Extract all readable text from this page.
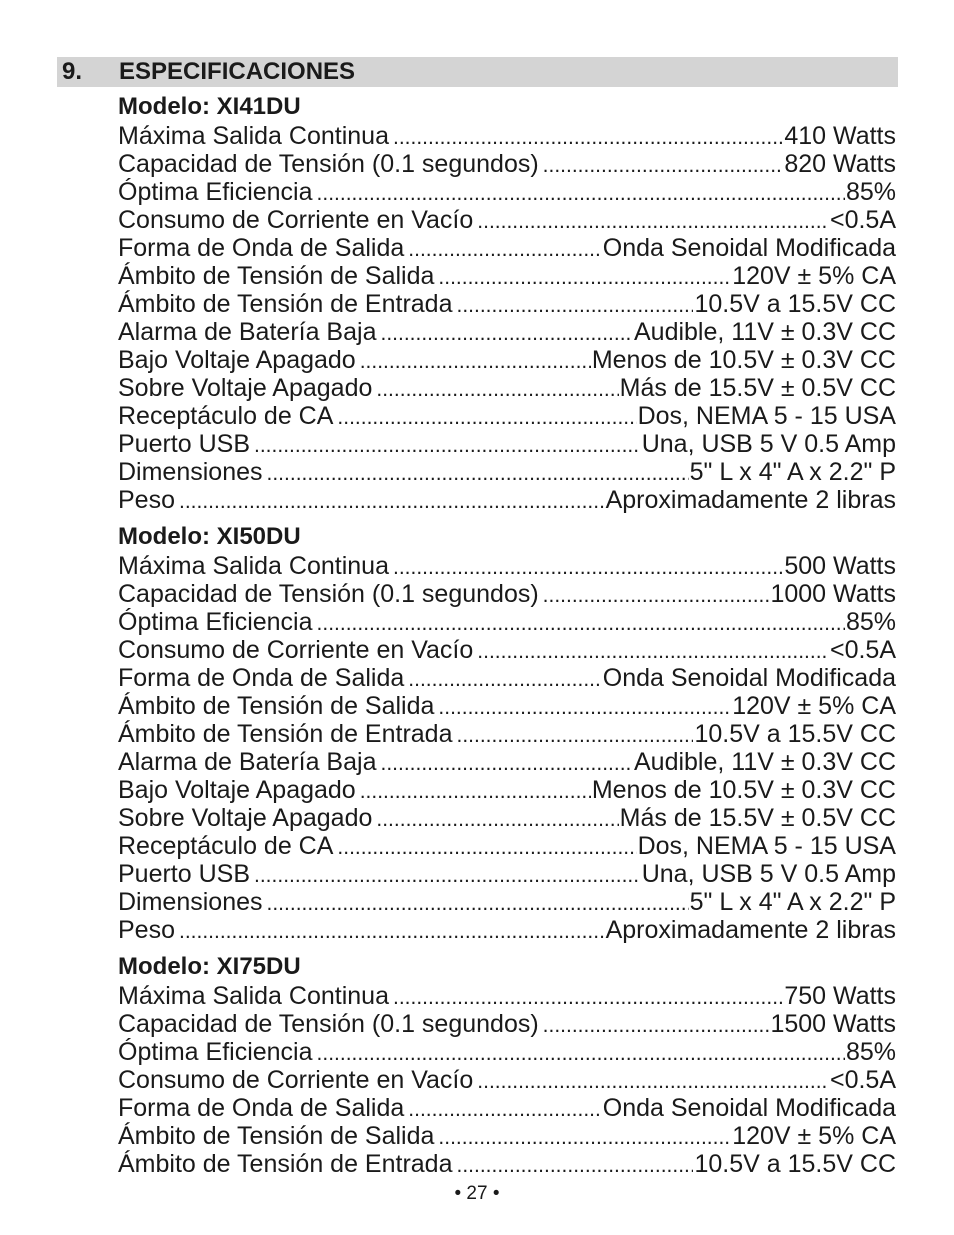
9. ESPECIFICACIONES
Modelo: XI41DU
Máxima Salida Continua .....	410 Watts
Capacidad de Tensión (0.1 segundos) .....	820 Watts
Óptima Eficiencia .....	85%
Consumo de Corriente en Vacío .....	<0.5A
Forma de Onda de Salida .....	Onda Senoidal Modificada
Ámbito de Tensión de Salida .....	120V ± 5% CA
Ámbito de Tensión de Entrada .....	10.5V a 15.5V CC
Alarma de Batería Baja .....	Audible, 11V ± 0.3V CC
Bajo Voltaje Apagado .....	Menos de 10.5V ± 0.3V CC
Sobre Voltaje Apagado .....	Más de 15.5V ± 0.5V CC
Receptáculo de CA .....	Dos, NEMA 5 - 15 USA
Puerto USB .....	Una, USB 5 V 0.5 Amp
Dimensiones .....	5" L x 4" A x 2.2" P
Peso .....	Aproximadamente 2 libras
Modelo: XI50DU
Máxima Salida Continua .....	500 Watts
Capacidad de Tensión (0.1 segundos) .....	1000 Watts
Óptima Eficiencia .....	85%
Consumo de Corriente en Vacío .....	<0.5A
Forma de Onda de Salida .....	Onda Senoidal Modificada
Ámbito de Tensión de Salida .....	120V ± 5% CA
Ámbito de Tensión de Entrada .....	10.5V a 15.5V CC
Alarma de Batería Baja .....	Audible, 11V ± 0.3V CC
Bajo Voltaje Apagado .....	Menos de 10.5V ± 0.3V CC
Sobre Voltaje Apagado .....	Más de 15.5V ± 0.5V CC
Receptáculo de CA .....	Dos, NEMA 5 - 15 USA
Puerto USB .....	Una, USB 5 V 0.5 Amp
Dimensiones .....	5" L x 4" A x 2.2" P
Peso .....	Aproximadamente 2 libras
Modelo: XI75DU
Máxima Salida Continua .....	750 Watts
Capacidad de Tensión (0.1 segundos) .....	1500 Watts
Óptima Eficiencia .....	85%
Consumo de Corriente en Vacío .....	<0.5A
Forma de Onda de Salida .....	Onda Senoidal Modificada
Ámbito de Tensión de Salida .....	120V ± 5% CA
Ámbito de Tensión de Entrada .....	10.5V a 15.5V CC
• 27 •
